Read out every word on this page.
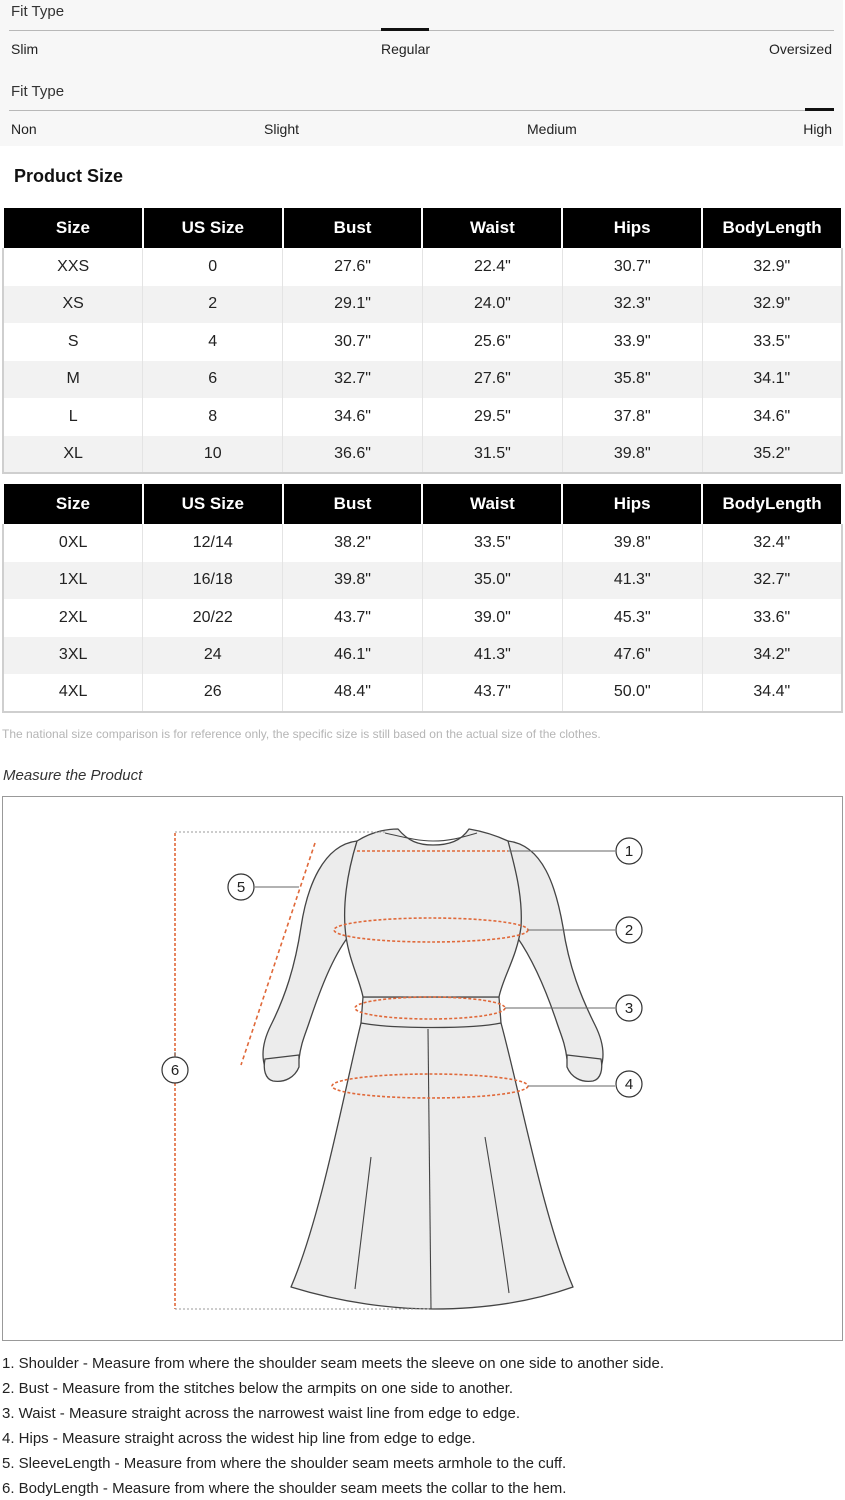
Fit Type
Slim	Regular	Oversized
Fit Type
Non	Slight	Medium	High
Product Size
Size	US Size	Bust	Waist	Hips	BodyLength
XXS	0	27.6"	22.4"	30.7"	32.9"
XS	2	29.1"	24.0"	32.3"	32.9"
S	4	30.7"	25.6"	33.9"	33.5"
M	6	32.7"	27.6"	35.8"	34.1"
L	8	34.6"	29.5"	37.8"	34.6"
XL	10	36.6"	31.5"	39.8"	35.2"
Size	US Size	Bust	Waist	Hips	BodyLength
0XL	12/14	38.2"	33.5"	39.8"	32.4"
1XL	16/18	39.8"	35.0"	41.3"	32.7"
2XL	20/22	43.7"	39.0"	45.3"	33.6"
3XL	24	46.1"	41.3"	47.6"	34.2"
4XL	26	48.4"	43.7"	50.0"	34.4"
The national size comparison is for reference only, the specific size is still based on the actual size of the clothes.
Measure the Product
1
2
3
4
5
6
1. Shoulder - Measure from where the shoulder seam meets the sleeve on one side to another side.
2. Bust - Measure from the stitches below the armpits on one side to another.
3. Waist - Measure straight across the narrowest waist line from edge to edge.
4. Hips - Measure straight across the widest hip line from edge to edge.
5. SleeveLength - Measure from where the shoulder seam meets armhole to the cuff.
6. BodyLength - Measure from where the shoulder seam meets the collar to the hem.
